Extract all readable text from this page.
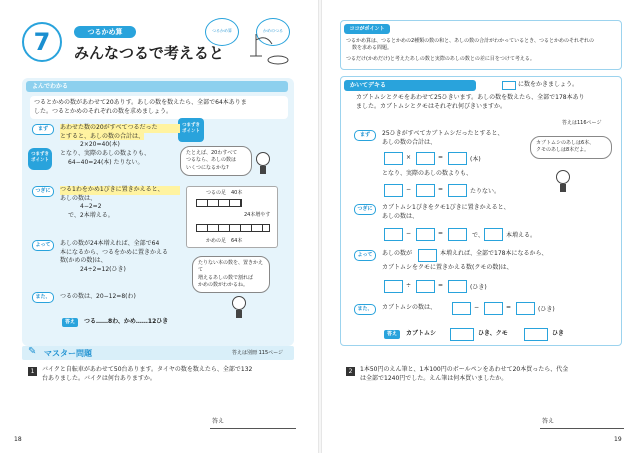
7	つるかめ算
みんなつるで考えると
つるかめ算	かめのつる
よんでわかる
つるとかめの数があわせて20ありす。あしの数を数えたら、全部で64本ありま
した。つるとかめのそれぞれの数を求めましょう。
まず
つぎに
よって
また、
つまずき
ポイント
つまずき
ポイント
あわせた数の20がすべてつるだった
とすると、あしの数の合計は、
2×20=40(本)
となり、実際のあしの数よりも、
64−40=24(本) たりない。
つる1わをかめ1ぴきに置きかえると、
あしの数は、
4−2=2
で、2本増える。
あしの数が24本増えれば、全部で64
本になるから、つるをかめに置きかえる
数(かめの数)は、
24÷2=12(ひき)
つるの数は、20−12=8(わ)
たとえば、20わすべて
つるなら、あしの数は
いくつになるかな?
つるの足　40本
24本増やす
かめの足　64本
たりない本の数を、置きかえて
増えるあしの数で割れば
かめの数がわかるね。
答え	つる……8わ、かめ……12ひき
✎ マスター問題	答えは別冊 115ページ
1	バイクと自転車があわせて50台あります。タイヤの数を数えたら、全部で132
台ありました。バイクは何台ありますか。
答え
18
ココがポイント
つるかめ算は、つるとかめの2種類の数の和と、あしの数の合計がわかっているとき、つるとかめのそれぞれの
数を求める問題。
つるだけ(かめだけ)と考えたあしの数と実際のあしの数との差に目をつけて考える。
かいてデキる	に数をかきましょう。
カブトムシとクモをあわせて25ひきいます。あしの数を数えたら、全部で178本あり
ました。カブトムシとクモはそれぞれ何びきいますか。
答えは116ページ
まず
つぎに
よって
また、
25ひきがすべてカブトムシだったとすると、
あしの数の合計は、
×	=	(本)
となり、実際のあしの数よりも、
−	=	たりない。
カブトムシのあしは6本、
クモのあしは8本だよ。
カブトムシ1ぴきをクモ1ぴきに置きかえると、
あしの数は、
−	=	で、	本増える。
あしの数が	本増えれば、全部で178本になるから、
カブトムシをクモに置きかえる数(クモの数)は、
÷	=	(ひき)
カブトムシの数は、	−	=	(ひき)
答え	カブトムシ	ひき、クモ	ひき
2	1本50円のえん筆と、1本100円のボールペンをあわせて20本買ったら、代金
は全部で1240円でした。えん筆は何本買いましたか。
答え
19
